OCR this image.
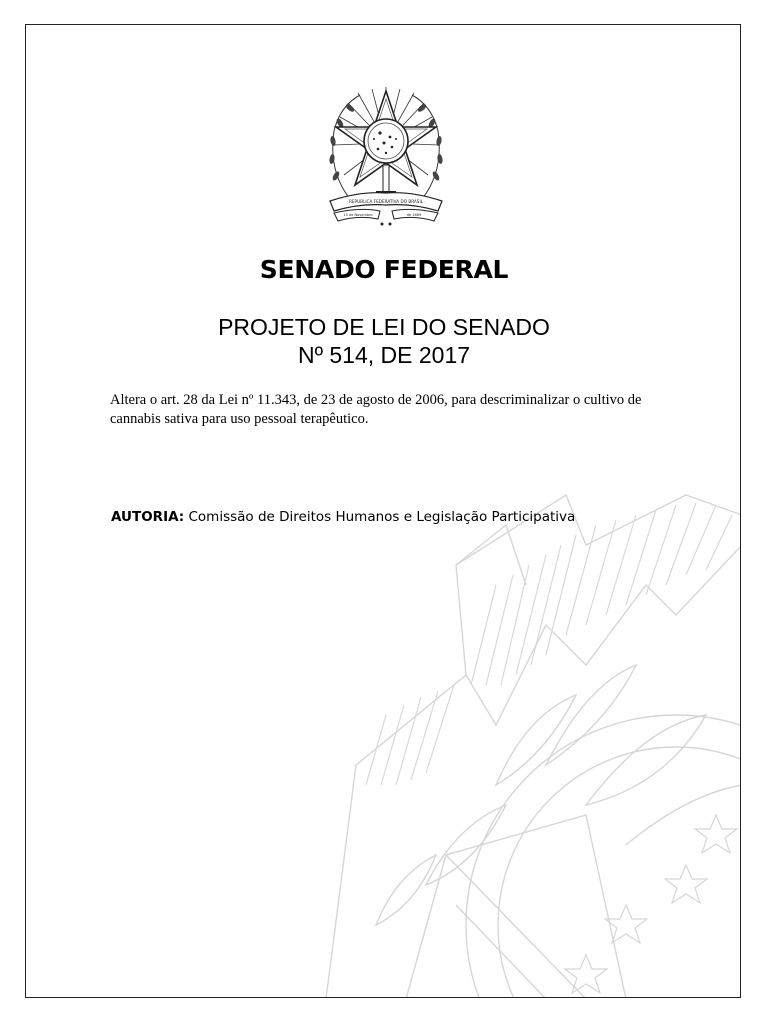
REPÚBLICA FEDERATIVA DO BRASIL
15 de Novembro	de 1889
SENADO FEDERAL
PROJETO DE LEI DO SENADO
Nº 514, DE 2017
Altera o art. 28 da Lei nº 11.343, de 23 de agosto de 2006, para descriminalizar o cultivo de cannabis sativa para uso pessoal terapêutico.
AUTORIA: Comissão de Direitos Humanos e Legislação Participativa
